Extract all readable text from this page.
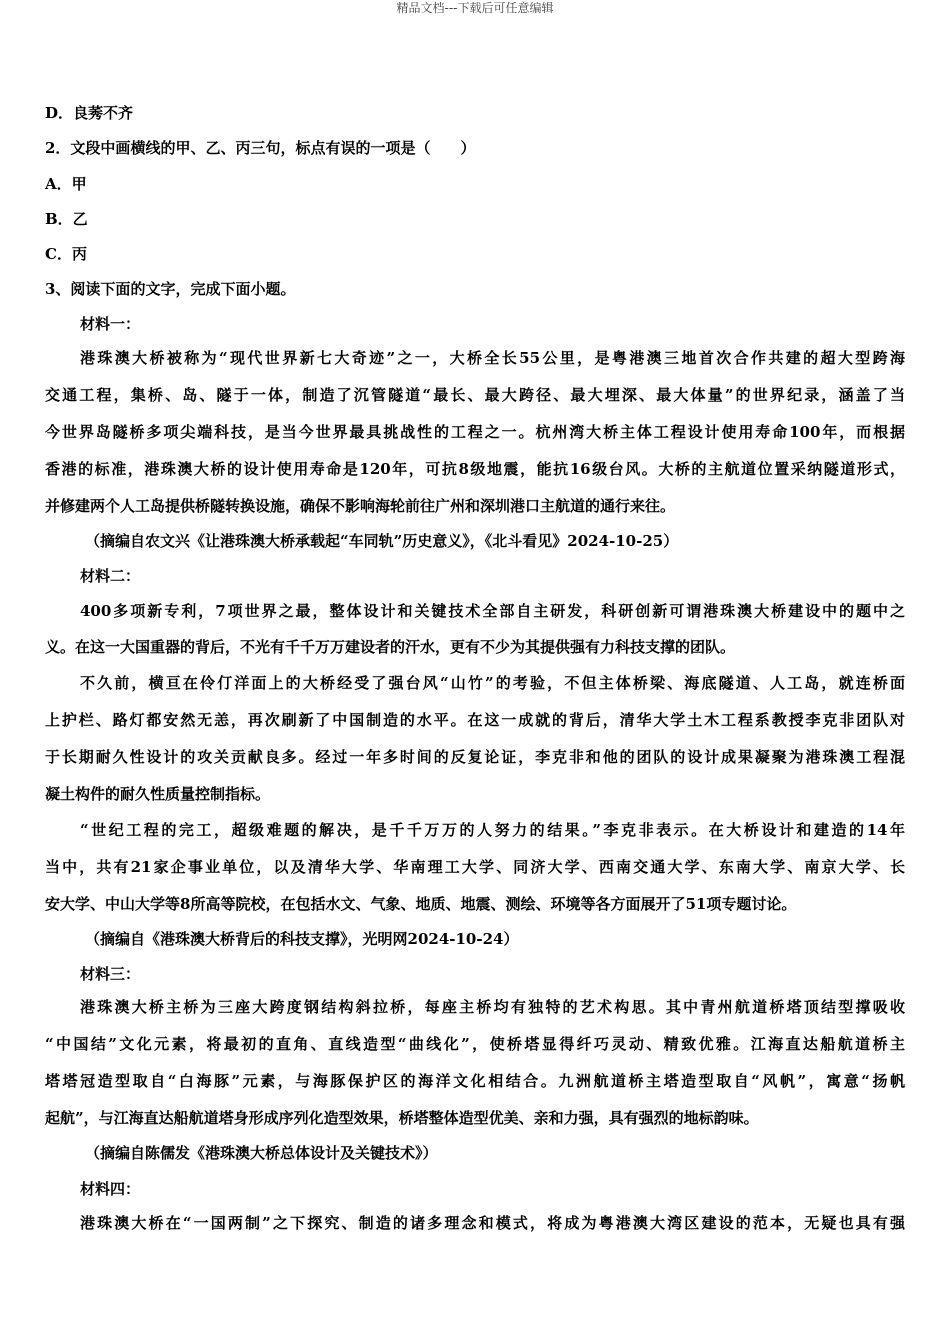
精品文档---下载后可任意编辑
D．良莠不齐
2．文段中画横线的甲、乙、丙三句，标点有误的一项是（　　）
A．甲
B．乙
C．丙
3、阅读下面的文字，完成下面小题。
材料一：
港珠澳大桥被称为“现代世界新七大奇迹”之一，大桥全长55公里，是粤港澳三地首次合作共建的超大型跨海
交通工程，集桥、岛、隧于一体，制造了沉管隧道“最长、最大跨径、最大埋深、最大体量”的世界纪录，涵盖了当
今世界岛隧桥多项尖端科技，是当今世界最具挑战性的工程之一。杭州湾大桥主体工程设计使用寿命100年，而根据
香港的标准，港珠澳大桥的设计使用寿命是120年，可抗8级地震，能抗16级台风。大桥的主航道位置采纳隧道形式，
并修建两个人工岛提供桥隧转换设施，确保不影响海轮前往广州和深圳港口主航道的通行来往。
（摘编自农文兴《让港珠澳大桥承载起“车同轨”历史意义》，《北斗看见》2024-10-25）
材料二：
400多项新专利，7项世界之最，整体设计和关键技术全部自主研发，科研创新可谓港珠澳大桥建设中的题中之
义。在这一大国重器的背后，不光有千千万万建设者的汗水，更有不少为其提供强有力科技支撑的团队。
不久前，横亘在伶仃洋面上的大桥经受了强台风“山竹”的考验，不但主体桥梁、海底隧道、人工岛，就连桥面
上护栏、路灯都安然无恙，再次刷新了中国制造的水平。在这一成就的背后，清华大学土木工程系教授李克非团队对
于长期耐久性设计的攻关贡献良多。经过一年多时间的反复论证，李克非和他的团队的设计成果凝聚为港珠澳工程混
凝土构件的耐久性质量控制指标。
“世纪工程的完工，超级难题的解决，是千千万万的人努力的结果。”李克非表示。在大桥设计和建造的14年
当中，共有21家企事业单位，以及清华大学、华南理工大学、同济大学、西南交通大学、东南大学、南京大学、长
安大学、中山大学等8所高等院校，在包括水文、气象、地质、地震、测绘、环境等各方面展开了51项专题讨论。
（摘编自《港珠澳大桥背后的科技支撑》，光明网2024-10-24）
材料三：
港珠澳大桥主桥为三座大跨度钢结构斜拉桥，每座主桥均有独特的艺术构思。其中青州航道桥塔顶结型撑吸收
“中国结”文化元素，将最初的直角、直线造型“曲线化”，使桥塔显得纤巧灵动、精致优雅。江海直达船航道桥主
塔塔冠造型取自“白海豚”元素，与海豚保护区的海洋文化相结合。九洲航道桥主塔造型取自“风帆”，寓意“扬帆
起航”，与江海直达船航道塔身形成序列化造型效果，桥塔整体造型优美、亲和力强，具有强烈的地标韵味。
（摘编自陈儒发《港珠澳大桥总体设计及关键技术》）
材料四：
港珠澳大桥在“一国两制”之下探究、制造的诸多理念和模式，将成为粤港澳大湾区建设的范本，无疑也具有强
